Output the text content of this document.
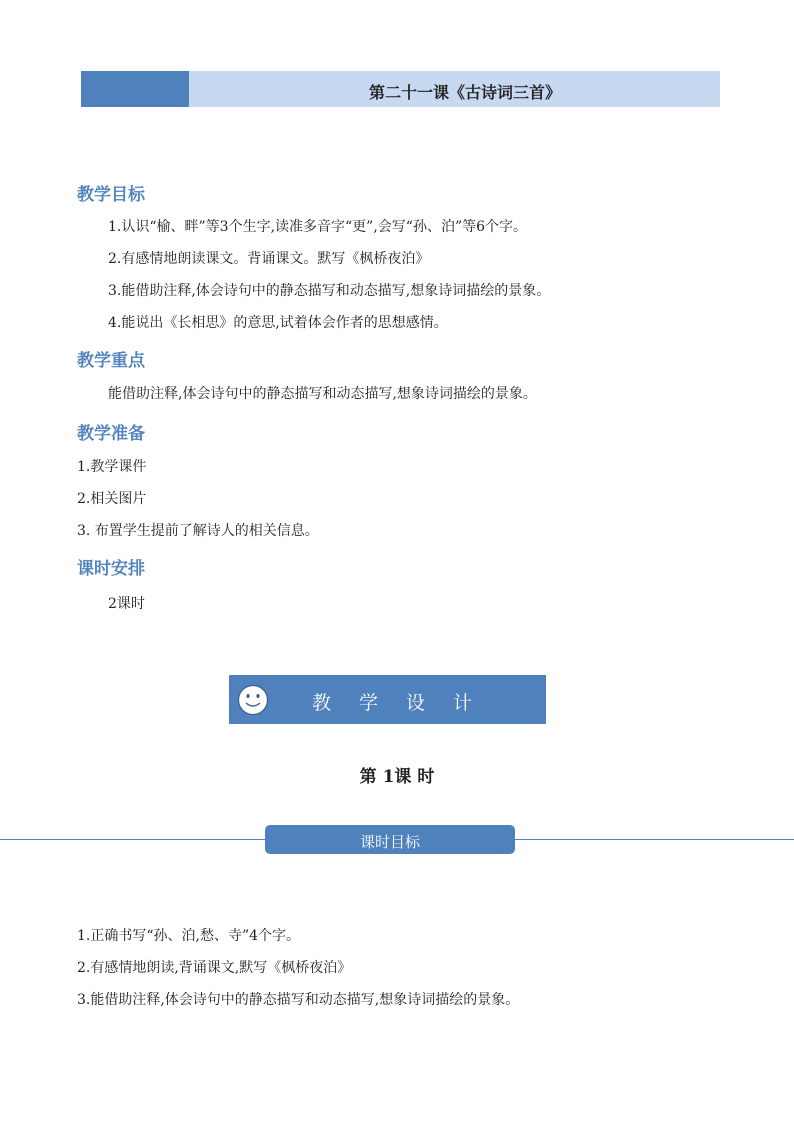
第二十一课《古诗词三首》
教学目标
1.认识“榆、畔”等3个生字,读准多音字“更”,会写“孙、泊”等6个字。
2.有感情地朗读课文。背诵课文。默写《枫桥夜泊》
3.能借助注释,体会诗句中的静态描写和动态描写,想象诗词描绘的景象。
4.能说出《长相思》的意思,试着体会作者的思想感情。
教学重点
能借助注释,体会诗句中的静态描写和动态描写,想象诗词描绘的景象。
教学准备
1.教学课件
2.相关图片
3. 布置学生提前了解诗人的相关信息。
课时安排
2课时
教 学 设 计
第 1课 时
课时目标
1.正确书写“孙、泊,愁、寺”4个字。
2.有感情地朗读,背诵课文,默写《枫桥夜泊》
3.能借助注释,体会诗句中的静态描写和动态描写,想象诗词描绘的景象。
